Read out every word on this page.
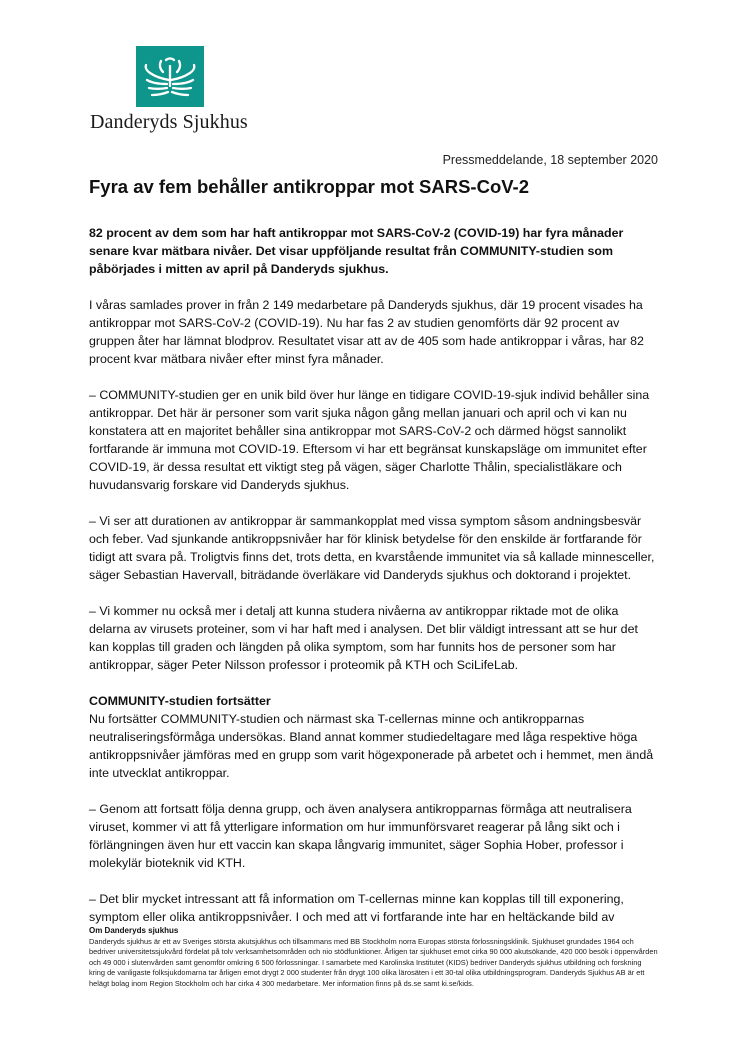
Danderyds Sjukhus
Pressmeddelande, 18 september 2020
Fyra av fem behåller antikroppar mot SARS-CoV-2

82 procent av dem som har haft antikroppar mot SARS-CoV-2 (COVID-19) har fyra månader senare kvar mätbara nivåer. Det visar uppföljande resultat från COMMUNITY-studien som påbörjades i mitten av april på Danderyds sjukhus.

I våras samlades prover in från 2 149 medarbetare på Danderyds sjukhus, där 19 procent visades ha antikroppar mot SARS-CoV-2 (COVID-19). Nu har fas 2 av studien genomförts där 92 procent av gruppen åter har lämnat blodprov. Resultatet visar att av de 405 som hade antikroppar i våras, har 82 procent kvar mätbara nivåer efter minst fyra månader.

– COMMUNITY-studien ger en unik bild över hur länge en tidigare COVID-19-sjuk individ behåller sina antikroppar. Det här är personer som varit sjuka någon gång mellan januari och april och vi kan nu konstatera att en majoritet behåller sina antikroppar mot SARS-CoV-2 och därmed högst sannolikt fortfarande är immuna mot COVID-19. Eftersom vi har ett begränsat kunskapsläge om immunitet efter COVID-19, är dessa resultat ett viktigt steg på vägen, säger Charlotte Thålin, specialistläkare och huvudansvarig forskare vid Danderyds sjukhus.

– Vi ser att durationen av antikroppar är sammankopplat med vissa symptom såsom andningsbesvär och feber. Vad sjunkande antikroppsnivåer har för klinisk betydelse för den enskilde är fortfarande för tidigt att svara på. Troligtvis finns det, trots detta, en kvarstående immunitet via så kallade minnesceller, säger Sebastian Havervall, biträdande överläkare vid Danderyds sjukhus och doktorand i projektet.

– Vi kommer nu också mer i detalj att kunna studera nivåerna av antikroppar riktade mot de olika delarna av virusets proteiner, som vi har haft med i analysen. Det blir väldigt intressant att se hur det kan kopplas till graden och längden på olika symptom, som har funnits hos de personer som har antikroppar, säger Peter Nilsson professor i proteomik på KTH och SciLifeLab.

COMMUNITY-studien fortsätter

Nu fortsätter COMMUNITY-studien och närmast ska T-cellernas minne och antikropparnas neutraliseringsförmåga undersökas. Bland annat kommer studiedeltagare med låga respektive höga antikroppsnivåer jämföras med en grupp som varit högexponerade på arbetet och i hemmet, men ändå inte utvecklat antikroppar.

– Genom att fortsatt följa denna grupp, och även analysera antikropparnas förmåga att neutralisera viruset, kommer vi att få ytterligare information om hur immunförsvaret reagerar på lång sikt och i förlängningen även hur ett vaccin kan skapa långvarig immunitet, säger Sophia Hober, professor i molekylär bioteknik vid KTH.

– Det blir mycket intressant att få information om T-cellernas minne kan kopplas till till exponering, symptom eller olika antikroppsnivåer. I och med att vi fortfarande inte har en heltäckande bild av

Om Danderyds sjukhus

Danderyds sjukhus är ett av Sveriges största akutsjukhus och tillsammans med BB Stockholm norra Europas största förlossningsklinik. Sjukhuset grundades 1964 och bedriver universitetssjukvård fördelat på tolv verksamhetsområden och nio stödfunktioner. Årligen tar sjukhuset emot cirka 90 000 akutsökande, 420 000 besök i öppenvården och 49 000 i slutenvården samt genomför omkring 6 500 förlossningar. I samarbete med Karolinska Institutet (KIDS) bedriver Danderyds sjukhus utbildning och forskning kring de vanligaste folksjukdomarna tar årligen emot drygt 2 000 studenter från drygt 100 olika lärosäten i ett 30-tal olika utbildningsprogram. Danderyds Sjukhus AB är ett helägt bolag inom Region Stockholm och har cirka 4 300 medarbetare. Mer information finns på ds.se samt ki.se/kids.
